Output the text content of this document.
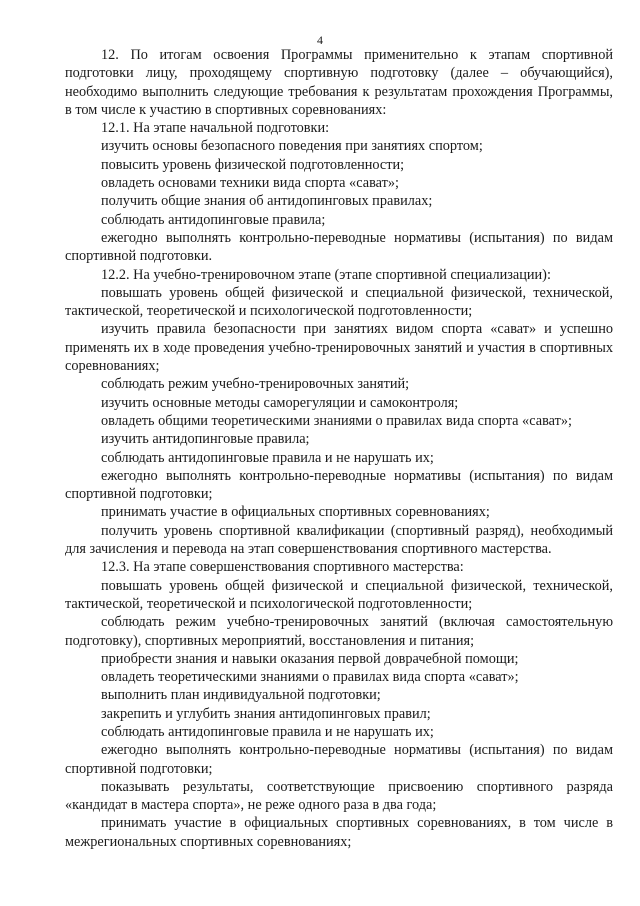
4

12. По итогам освоения Программы применительно к этапам спортивной подготовки лицу, проходящему спортивную подготовку (далее – обучающийся), необходимо выполнить следующие требования к результатам прохождения Программы, в том числе к участию в спортивных соревнованиях:

12.1. На этапе начальной подготовки:

изучить основы безопасного поведения при занятиях спортом;

повысить уровень физической подготовленности;

овладеть основами техники вида спорта «сават»;

получить общие знания об антидопинговых правилах;

соблюдать антидопинговые правила;

ежегодно выполнять контрольно-переводные нормативы (испытания) по видам спортивной подготовки.

12.2. На учебно-тренировочном этапе (этапе спортивной специализации):

повышать уровень общей физической и специальной физической, технической, тактической, теоретической и психологической подготовленности;

изучить правила безопасности при занятиях видом спорта «сават» и успешно применять их в ходе проведения учебно-тренировочных занятий и участия в спортивных соревнованиях;

соблюдать режим учебно-тренировочных занятий;

изучить основные методы саморегуляции и самоконтроля;

овладеть общими теоретическими знаниями о правилах вида спорта «сават»;

изучить антидопинговые правила;

соблюдать антидопинговые правила и не нарушать их;

ежегодно выполнять контрольно-переводные нормативы (испытания) по видам спортивной подготовки;

принимать участие в официальных спортивных соревнованиях;

получить уровень спортивной квалификации (спортивный разряд), необходимый для зачисления и перевода на этап совершенствования спортивного мастерства.

12.3. На этапе совершенствования спортивного мастерства:

повышать уровень общей физической и специальной физической, технической, тактической, теоретической и психологической подготовленности;

соблюдать режим учебно-тренировочных занятий (включая самостоятельную подготовку), спортивных мероприятий, восстановления и питания;

приобрести знания и навыки оказания первой доврачебной помощи;

овладеть теоретическими знаниями о правилах вида спорта «сават»;

выполнить план индивидуальной подготовки;

закрепить и углубить знания антидопинговых правил;

соблюдать антидопинговые правила и не нарушать их;

ежегодно выполнять контрольно-переводные нормативы (испытания) по видам спортивной подготовки;

показывать результаты, соответствующие присвоению спортивного разряда «кандидат в мастера спорта», не реже одного раза в два года;

принимать участие в официальных спортивных соревнованиях, в том числе в межрегиональных спортивных соревнованиях;
